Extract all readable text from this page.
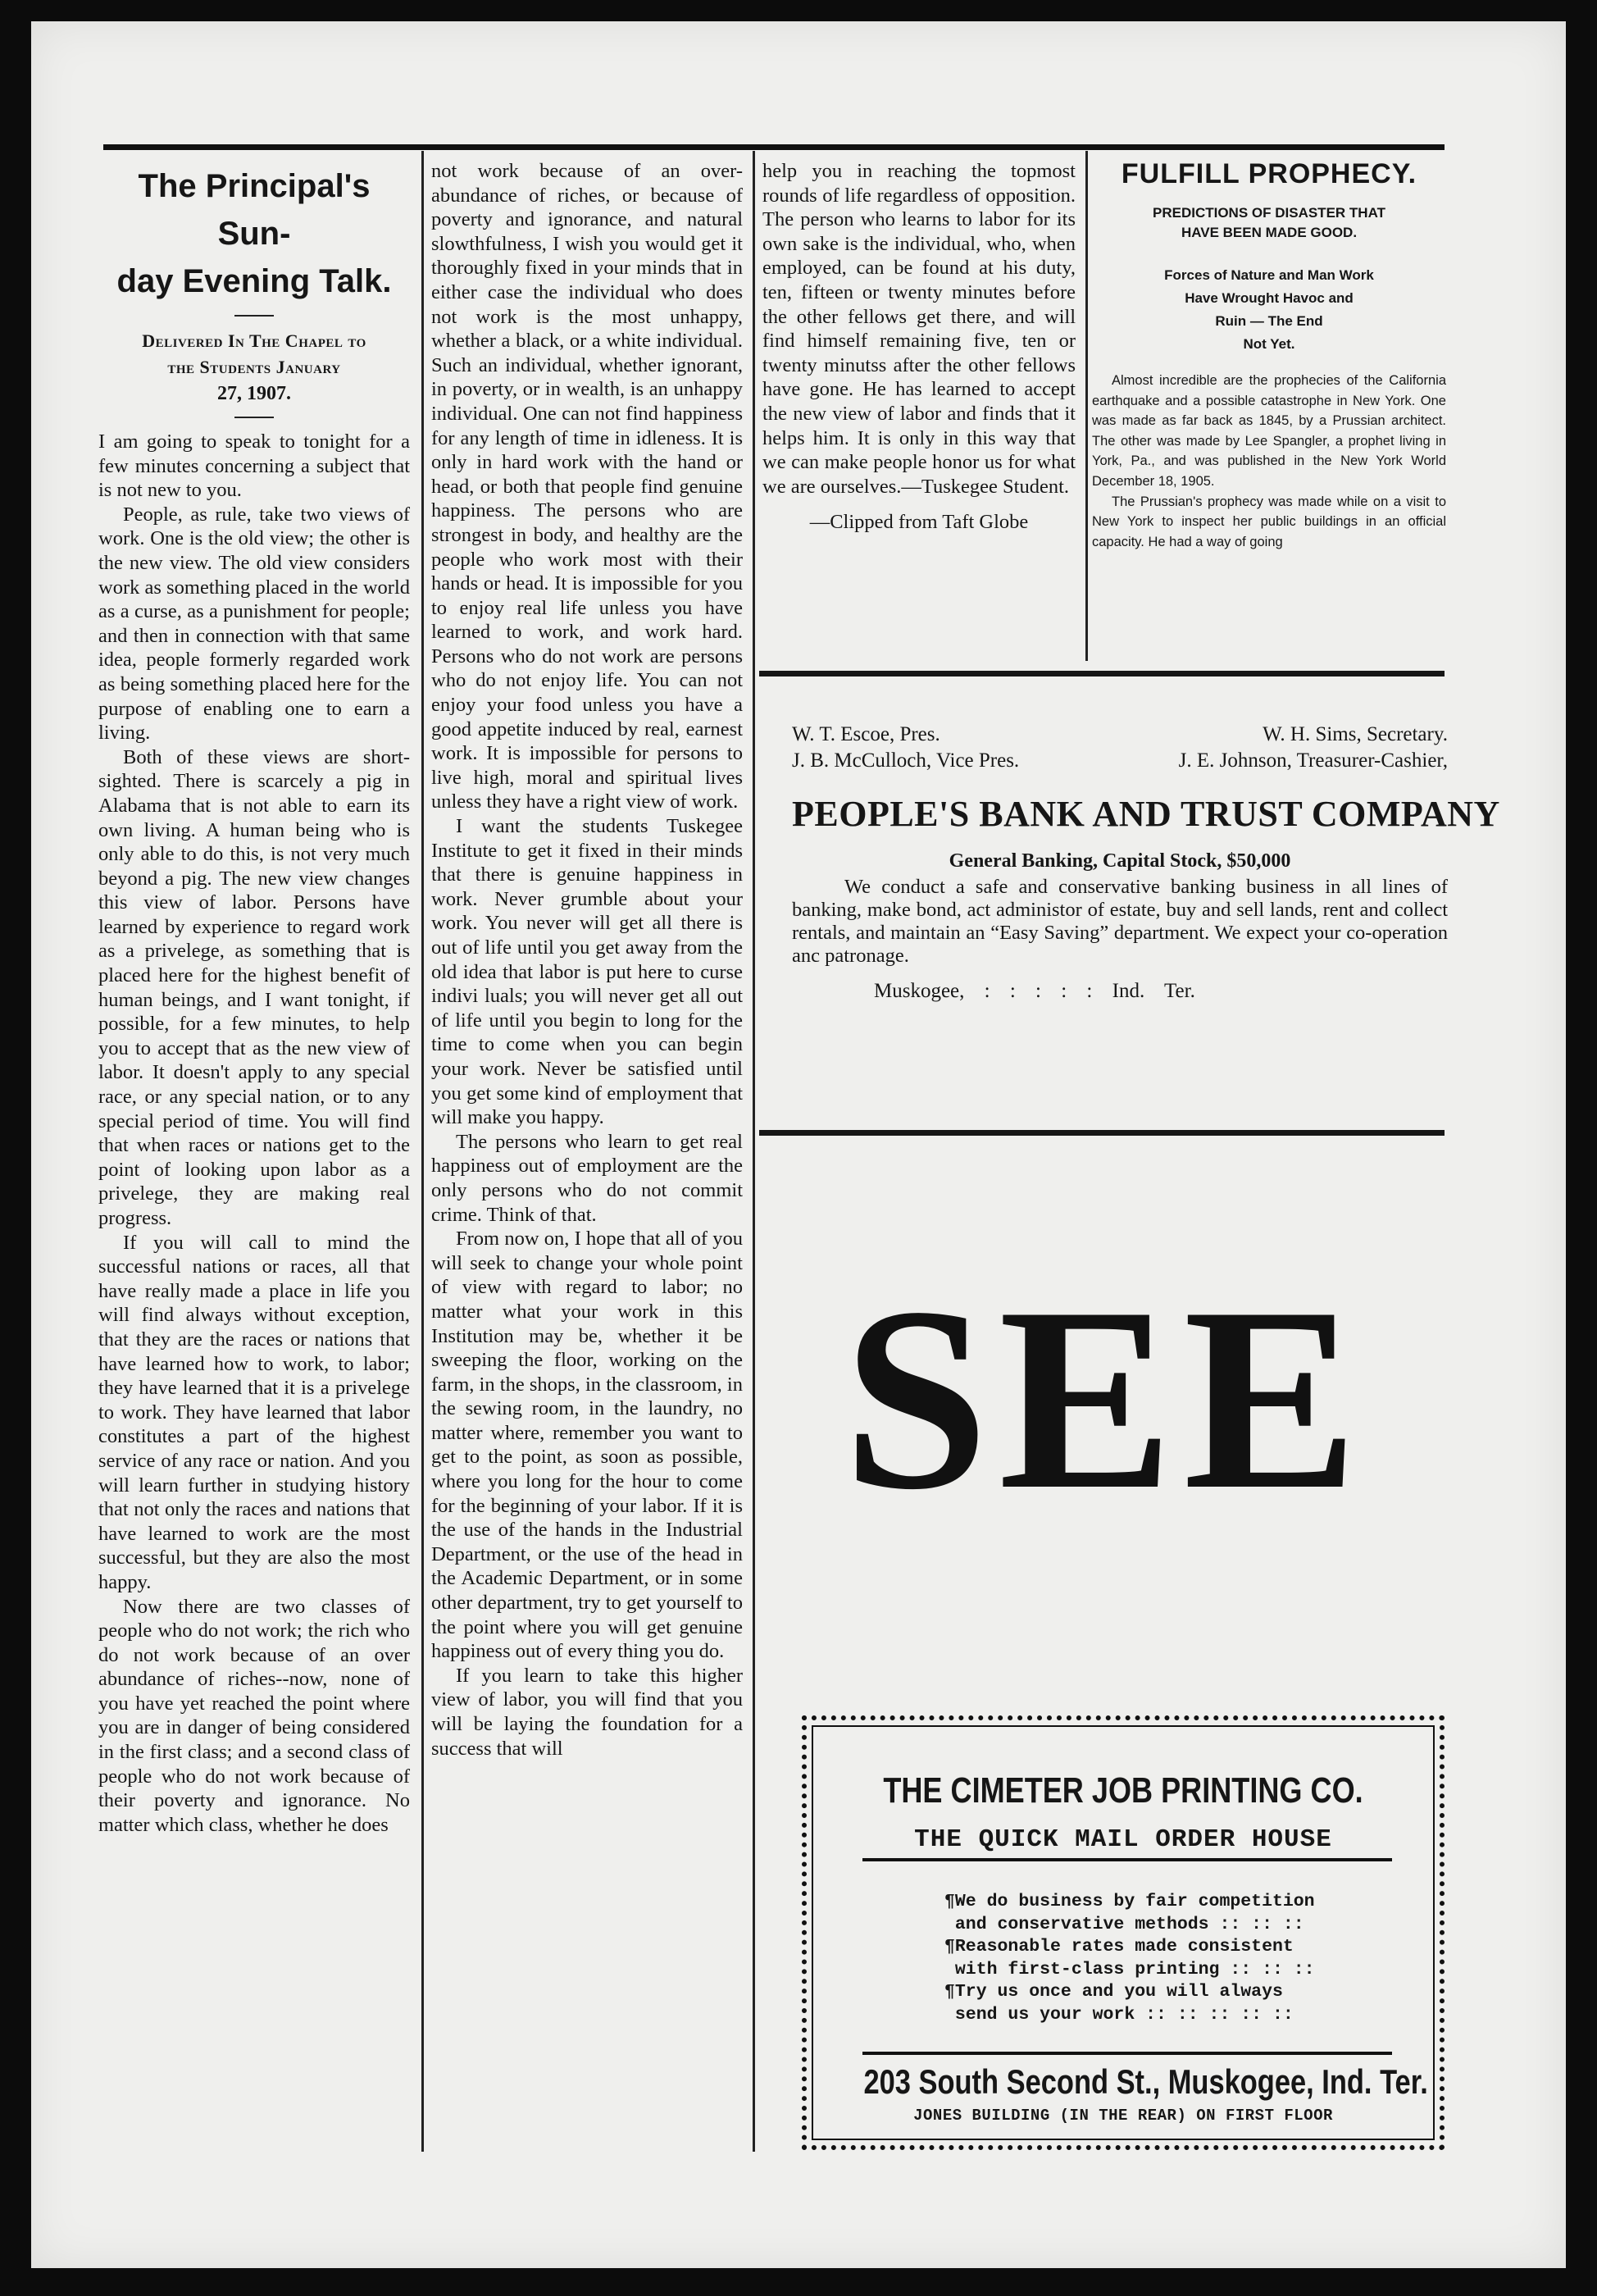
The Principal's Sun-
day Evening Talk.
Delivered In The Chapel to
the Students January
27, 1907.

I am going to speak to tonight for a few minutes concerning a subject that is not new to you.

People, as rule, take two views of work. One is the old view; the other is the new view. The old view considers work as something placed in the world as a curse, as a punishment for people; and then in connection with that same idea, people formerly regarded work as being something placed here for the purpose of enabling one to earn a living.

Both of these views are short-sighted. There is scarcely a pig in Alabama that is not able to earn its own living. A human being who is only able to do this, is not very much beyond a pig. The new view changes this view of labor. Persons have learned by experience to regard work as a privelege, as something that is placed here for the highest benefit of human beings, and I want tonight, if possible, for a few minutes, to help you to accept that as the new view of labor. It doesn't apply to any special race, or any special nation, or to any special period of time. You will find that when races or nations get to the point of looking upon labor as a privelege, they are making real progress.

If you will call to mind the successful nations or races, all that have really made a place in life you will find always without exception, that they are the races or nations that have learned how to work, to labor; they have learned that it is a privelege to work. They have learned that labor constitutes a part of the highest service of any race or nation. And you will learn further in studying history that not only the races and nations that have learned to work are the most successful, but they are also the most happy.

Now there are two classes of people who do not work; the rich who do not work because of an over abundance of riches--now, none of you have yet reached the point where you are in danger of being considered in the first class; and a second class of people who do not work because of their poverty and ignorance. No matter which class, whether he does

not work because of an over-abundance of riches, or because of poverty and ignorance, and natural slowthfulness, I wish you would get it thoroughly fixed in your minds that in either case the individual who does not work is the most unhappy, whether a black, or a white individual. Such an individual, whether ignorant, in poverty, or in wealth, is an unhappy individual. One can not find happiness for any length of time in idleness. It is only in hard work with the hand or head, or both that people find genuine happiness. The persons who are strongest in body, and healthy are the people who work most with their hands or head. It is impossible for you to enjoy real life unless you have learned to work, and work hard. Persons who do not work are persons who do not enjoy life. You can not enjoy your food unless you have a good appetite induced by real, earnest work. It is impossible for persons to live high, moral and spiritual lives unless they have a right view of work.

I want the students Tuskegee Institute to get it fixed in their minds that there is genuine happiness in work. Never grumble about your work. You never will get all there is out of life until you get away from the old idea that labor is put here to curse indivi luals; you will never get all out of life until you begin to long for the time to come when you can begin your work. Never be satisfied until you get some kind of employment that will make you happy.

The persons who learn to get real happiness out of employment are the only persons who do not commit crime. Think of that.

From now on, I hope that all of you will seek to change your whole point of view with regard to labor; no matter what your work in this Institution may be, whether it be sweeping the floor, working on the farm, in the shops, in the classroom, in the sewing room, in the laundry, no matter where, remember you want to get to the point, as soon as possible, where you long for the hour to come for the beginning of your labor. If it is the use of the hands in the Industrial Department, or the use of the head in the Academic Department, or in some other department, try to get yourself to the point where you will get genuine happiness out of every thing you do.

If you learn to take this higher view of labor, you will find that you will be laying the foundation for a success that will

help you in reaching the topmost rounds of life regardless of opposition. The person who learns to labor for its own sake is the individual, who, when employed, can be found at his duty, ten, fifteen or twenty minutes before the other fellows get there, and will find himself remaining five, ten or twenty minutss after the other fellows have gone. He has learned to accept the new view of labor and finds that it helps him. It is only in this way that we can make people honor us for what we are ourselves.—Tuskegee Student.

—Clipped from Taft Globe
FULFILL PROPHECY.
PREDICTIONS OF DISASTER THAT
HAVE BEEN MADE GOOD.
Forces of Nature and Man Work
Have Wrought Havoc and
Ruin — The End
Not Yet.

Almost incredible are the prophecies of the California earthquake and a possible catastrophe in New York. One was made as far back as 1845, by a Prussian architect. The other was made by Lee Spangler, a prophet living in York, Pa., and was published in the New York World December 18, 1905.

The Prussian's prophecy was made while on a visit to New York to inspect her public buildings in an official capacity. He had a way of going

W. T. Escoe, Pres.	W. H. Sims, Secretary.
J. B. McCulloch, Vice Pres.	J. E. Johnson, Treasurer-Cashier,
PEOPLE'S BANK AND TRUST COMPANY
General Banking, Capital Stock, $50,000
We conduct a safe and conservative banking business in all lines of banking, make bond, act administor of estate, buy and sell lands, rent and collect rentals, and maintain an “Easy Saving” department. We expect your co-operation anc patronage.
Muskogee, : : : : : Ind. Ter.
SEE
THE CIMETER JOB PRINTING CO.
THE QUICK MAIL ORDER HOUSE
¶We do business by fair competition
and conservative methods :: :: ::
¶Reasonable rates made consistent
with first-class printing :: :: ::
¶Try us once and you will always
send us your work :: :: :: :: ::
203 South Second St., Muskogee, Ind. Ter.
JONES BUILDING (IN THE REAR) ON FIRST FLOOR
